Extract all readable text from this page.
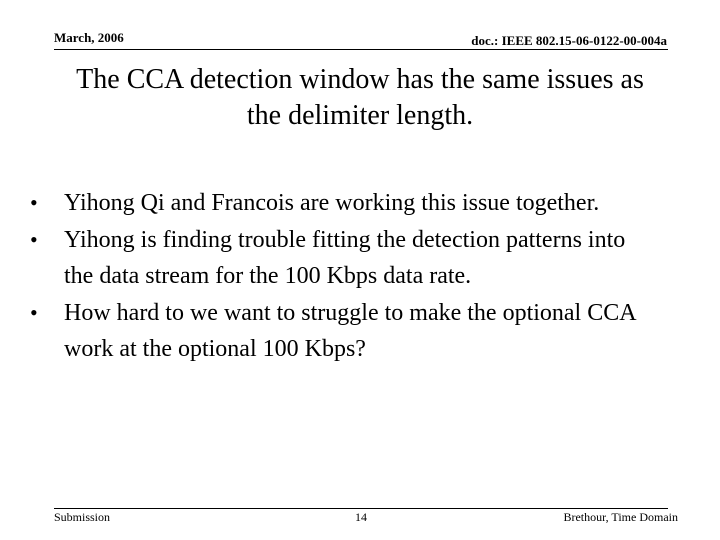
March, 2006	doc.: IEEE 802.15-06-0122-00-004a
The CCA detection window has the same issues as the delimiter length.
• Yihong Qi and Francois are working this issue together.
• Yihong is finding trouble fitting the detection patterns into the data stream for the 100 Kbps data rate.
• How hard to we want to struggle to make the optional CCA work at the optional 100 Kbps?
Submission	14	Brethour, Time Domain
